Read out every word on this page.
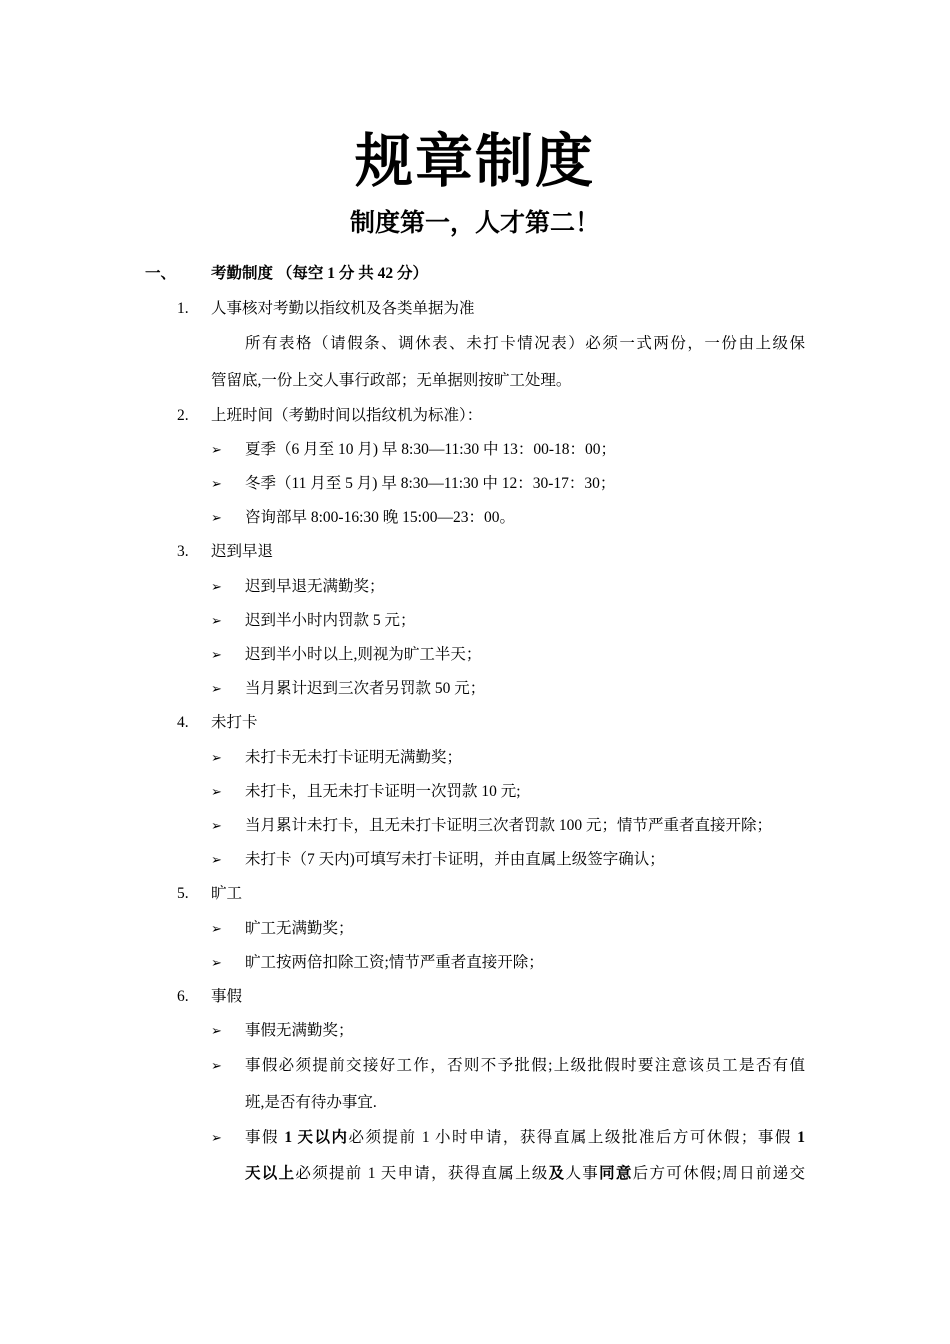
规章制度
制度第一，人才第二！
一、 考勤制度 （每空 1 分 共 42 分）
1. 人事核对考勤以指纹机及各类单据为准
所有表格（请假条、调休表、未打卡情况表）必须一式两份，一份由上级保
管留底,一份上交人事行政部；无单据则按旷工处理。
2. 上班时间（考勤时间以指纹机为标准）：
➢ 夏季（6 月至 10 月) 早 8:30—11:30 中 13：00-18：00；
➢ 冬季（11 月至 5 月) 早 8:30—11:30 中 12：30-17：30；
➢ 咨询部早 8:00-16:30 晚 15:00—23：00。
3. 迟到早退
➢ 迟到早退无满勤奖；
➢ 迟到半小时内罚款 5 元；
➢ 迟到半小时以上,则视为旷工半天；
➢ 当月累计迟到三次者另罚款 50 元；
4. 未打卡
➢ 未打卡无未打卡证明无满勤奖；
➢ 未打卡，且无未打卡证明一次罚款 10 元;
➢ 当月累计未打卡，且无未打卡证明三次者罚款 100 元；情节严重者直接开除；
➢ 未打卡（7 天内)可填写未打卡证明，并由直属上级签字确认；
5. 旷工
➢ 旷工无满勤奖；
➢ 旷工按两倍扣除工资;情节严重者直接开除；
6. 事假
➢ 事假无满勤奖；
➢ 事假必须提前交接好工作，否则不予批假;上级批假时要注意该员工是否有值
班,是否有待办事宜.
➢ 事假 1 天以内必须提前 1 小时申请，获得直属上级批准后方可休假；事假 1
天以上必须提前 1 天申请，获得直属上级及人事同意后方可休假;周日前递交
